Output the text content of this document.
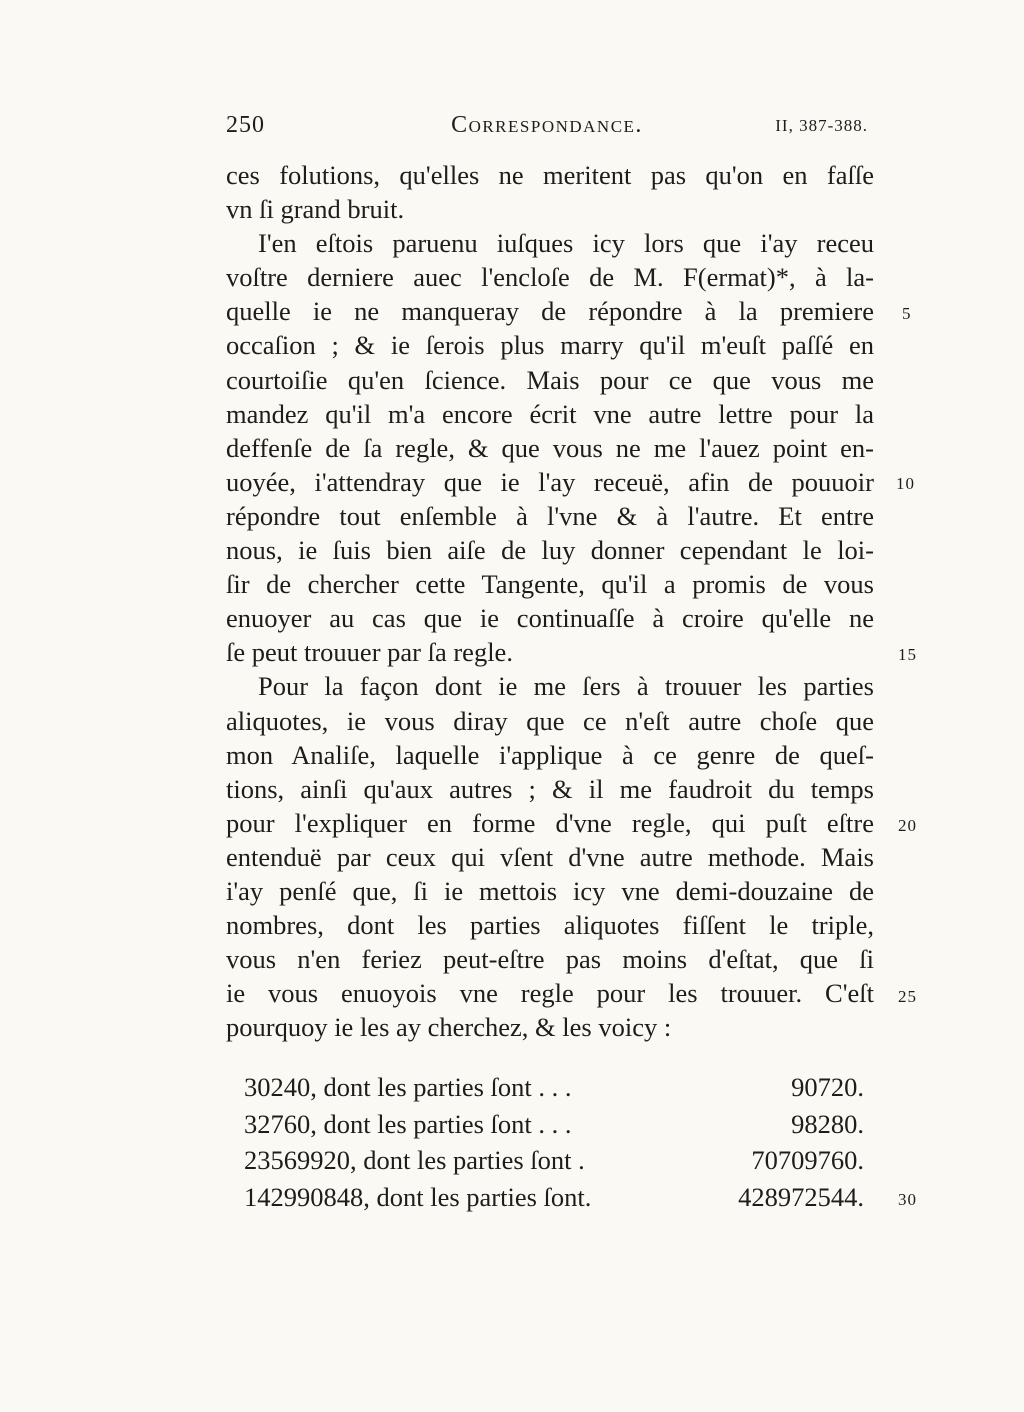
250	Correspondance.	II, 387-388.
ces folutions, qu'elles ne meritent pas qu'on en faſſe
vn ſi grand bruit.
I'en eſtois paruenu iuſques icy lors que i'ay receu
voſtre derniere auec l'encloſe de M. F(ermat)*, à la-
quelle ie ne manqueray de répondre à la premiere
occaſion ; & ie ſerois plus marry qu'il m'euſt paſſé en
courtoiſie qu'en ſcience. Mais pour ce que vous me
mandez qu'il m'a encore écrit vne autre lettre pour la
deffenſe de ſa regle, & que vous ne me l'auez point en-
uoyée, i'attendray que ie l'ay receuë, afin de pouuoir
répondre tout enſemble à l'vne & à l'autre. Et entre
nous, ie ſuis bien aiſe de luy donner cependant le loi-
ſir de chercher cette Tangente, qu'il a promis de vous
enuoyer au cas que ie continuaſſe à croire qu'elle ne
ſe peut trouuer par ſa regle.
Pour la façon dont ie me ſers à trouuer les parties
aliquotes, ie vous diray que ce n'eſt autre choſe que
mon Analiſe, laquelle i'applique à ce genre de queſ-
tions, ainſi qu'aux autres ; & il me faudroit du temps
pour l'expliquer en forme d'vne regle, qui puſt eſtre
entenduë par ceux qui vſent d'vne autre methode. Mais
i'ay penſé que, ſi ie mettois icy vne demi-douzaine de
nombres, dont les parties aliquotes fiſſent le triple,
vous n'en feriez peut-eſtre pas moins d'eſtat, que ſi
ie vous enuoyois vne regle pour les trouuer. C'eſt
pourquoy ie les ay cherchez, & les voicy :
5
10
15
20
25
30
30240, dont les parties ſont . . .	90720.
32760, dont les parties ſont . . .	98280.
23569920, dont les parties ſont .	70709760.
142990848, dont les parties ſont.	428972544.
